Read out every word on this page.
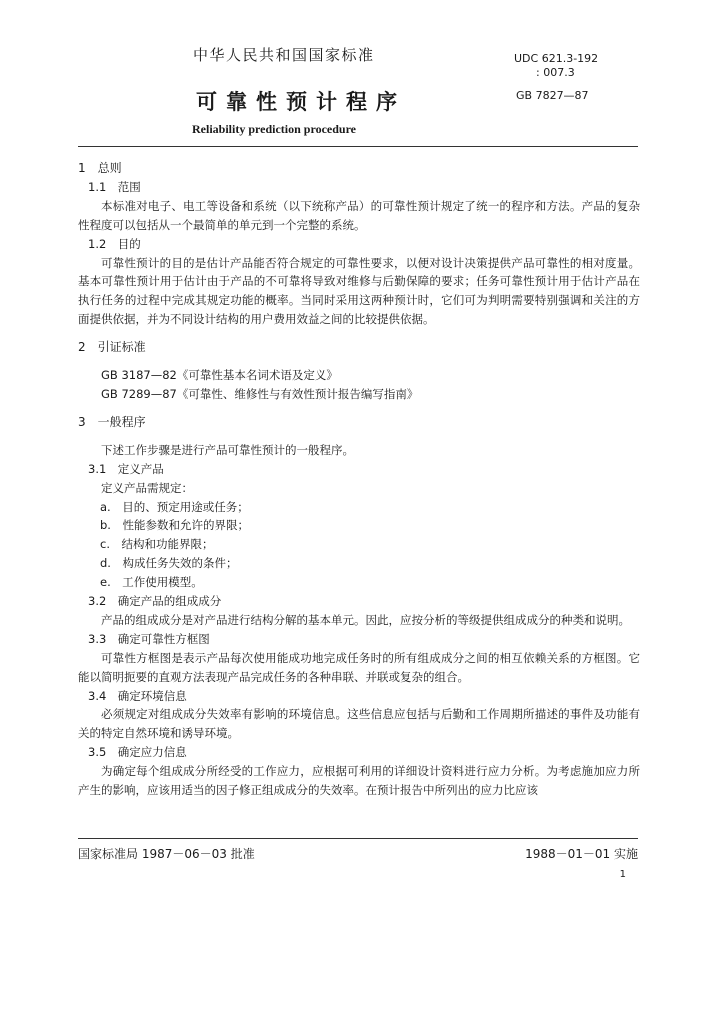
中华人民共和国国家标准	UDC 621.3-192
: 007.3
可靠性预计程序	GB 7827—87
Reliability prediction procedure

1　总则

1.1　范围

本标准对电子、电工等设备和系统（以下统称产品）的可靠性预计规定了统一的程序和方法。产品的复杂性程度可以包括从一个最简单的单元到一个完整的系统。

1.2　目的

可靠性预计的目的是估计产品能否符合规定的可靠性要求，以便对设计决策提供产品可靠性的相对度量。基本可靠性预计用于估计由于产品的不可靠将导致对维修与后勤保障的要求；任务可靠性预计用于估计产品在执行任务的过程中完成其规定功能的概率。当同时采用这两种预计时，它们可为判明需要特别强调和关注的方面提供依据，并为不同设计结构的用户费用效益之间的比较提供依据。

2　引证标准

GB 3187—82《可靠性基本名词术语及定义》

GB 7289—87《可靠性、维修性与有效性预计报告编写指南》

3　一般程序

下述工作步骤是进行产品可靠性预计的一般程序。

3.1　定义产品

定义产品需规定：

a.　目的、预定用途或任务；

b.　性能参数和允许的界限；

c.　结构和功能界限；

d.　构成任务失效的条件；

e.　工作使用模型。

3.2　确定产品的组成成分

产品的组成成分是对产品进行结构分解的基本单元。因此，应按分析的等级提供组成成分的种类和说明。

3.3　确定可靠性方框图

可靠性方框图是表示产品每次使用能成功地完成任务时的所有组成成分之间的相互依赖关系的方框图。它能以简明扼要的直观方法表现产品完成任务的各种串联、并联或复杂的组合。

3.4　确定环境信息

必须规定对组成成分失效率有影响的环境信息。这些信息应包括与后勤和工作周期所描述的事件及功能有关的特定自然环境和诱导环境。

3.5　确定应力信息

为确定每个组成成分所经受的工作应力，应根据可利用的详细设计资料进行应力分析。为考虑施加应力所产生的影响，应该用适当的因子修正组成成分的失效率。在预计报告中所列出的应力比应该

国家标准局 1987－06－03 批准	1988－01－01 实施
1
